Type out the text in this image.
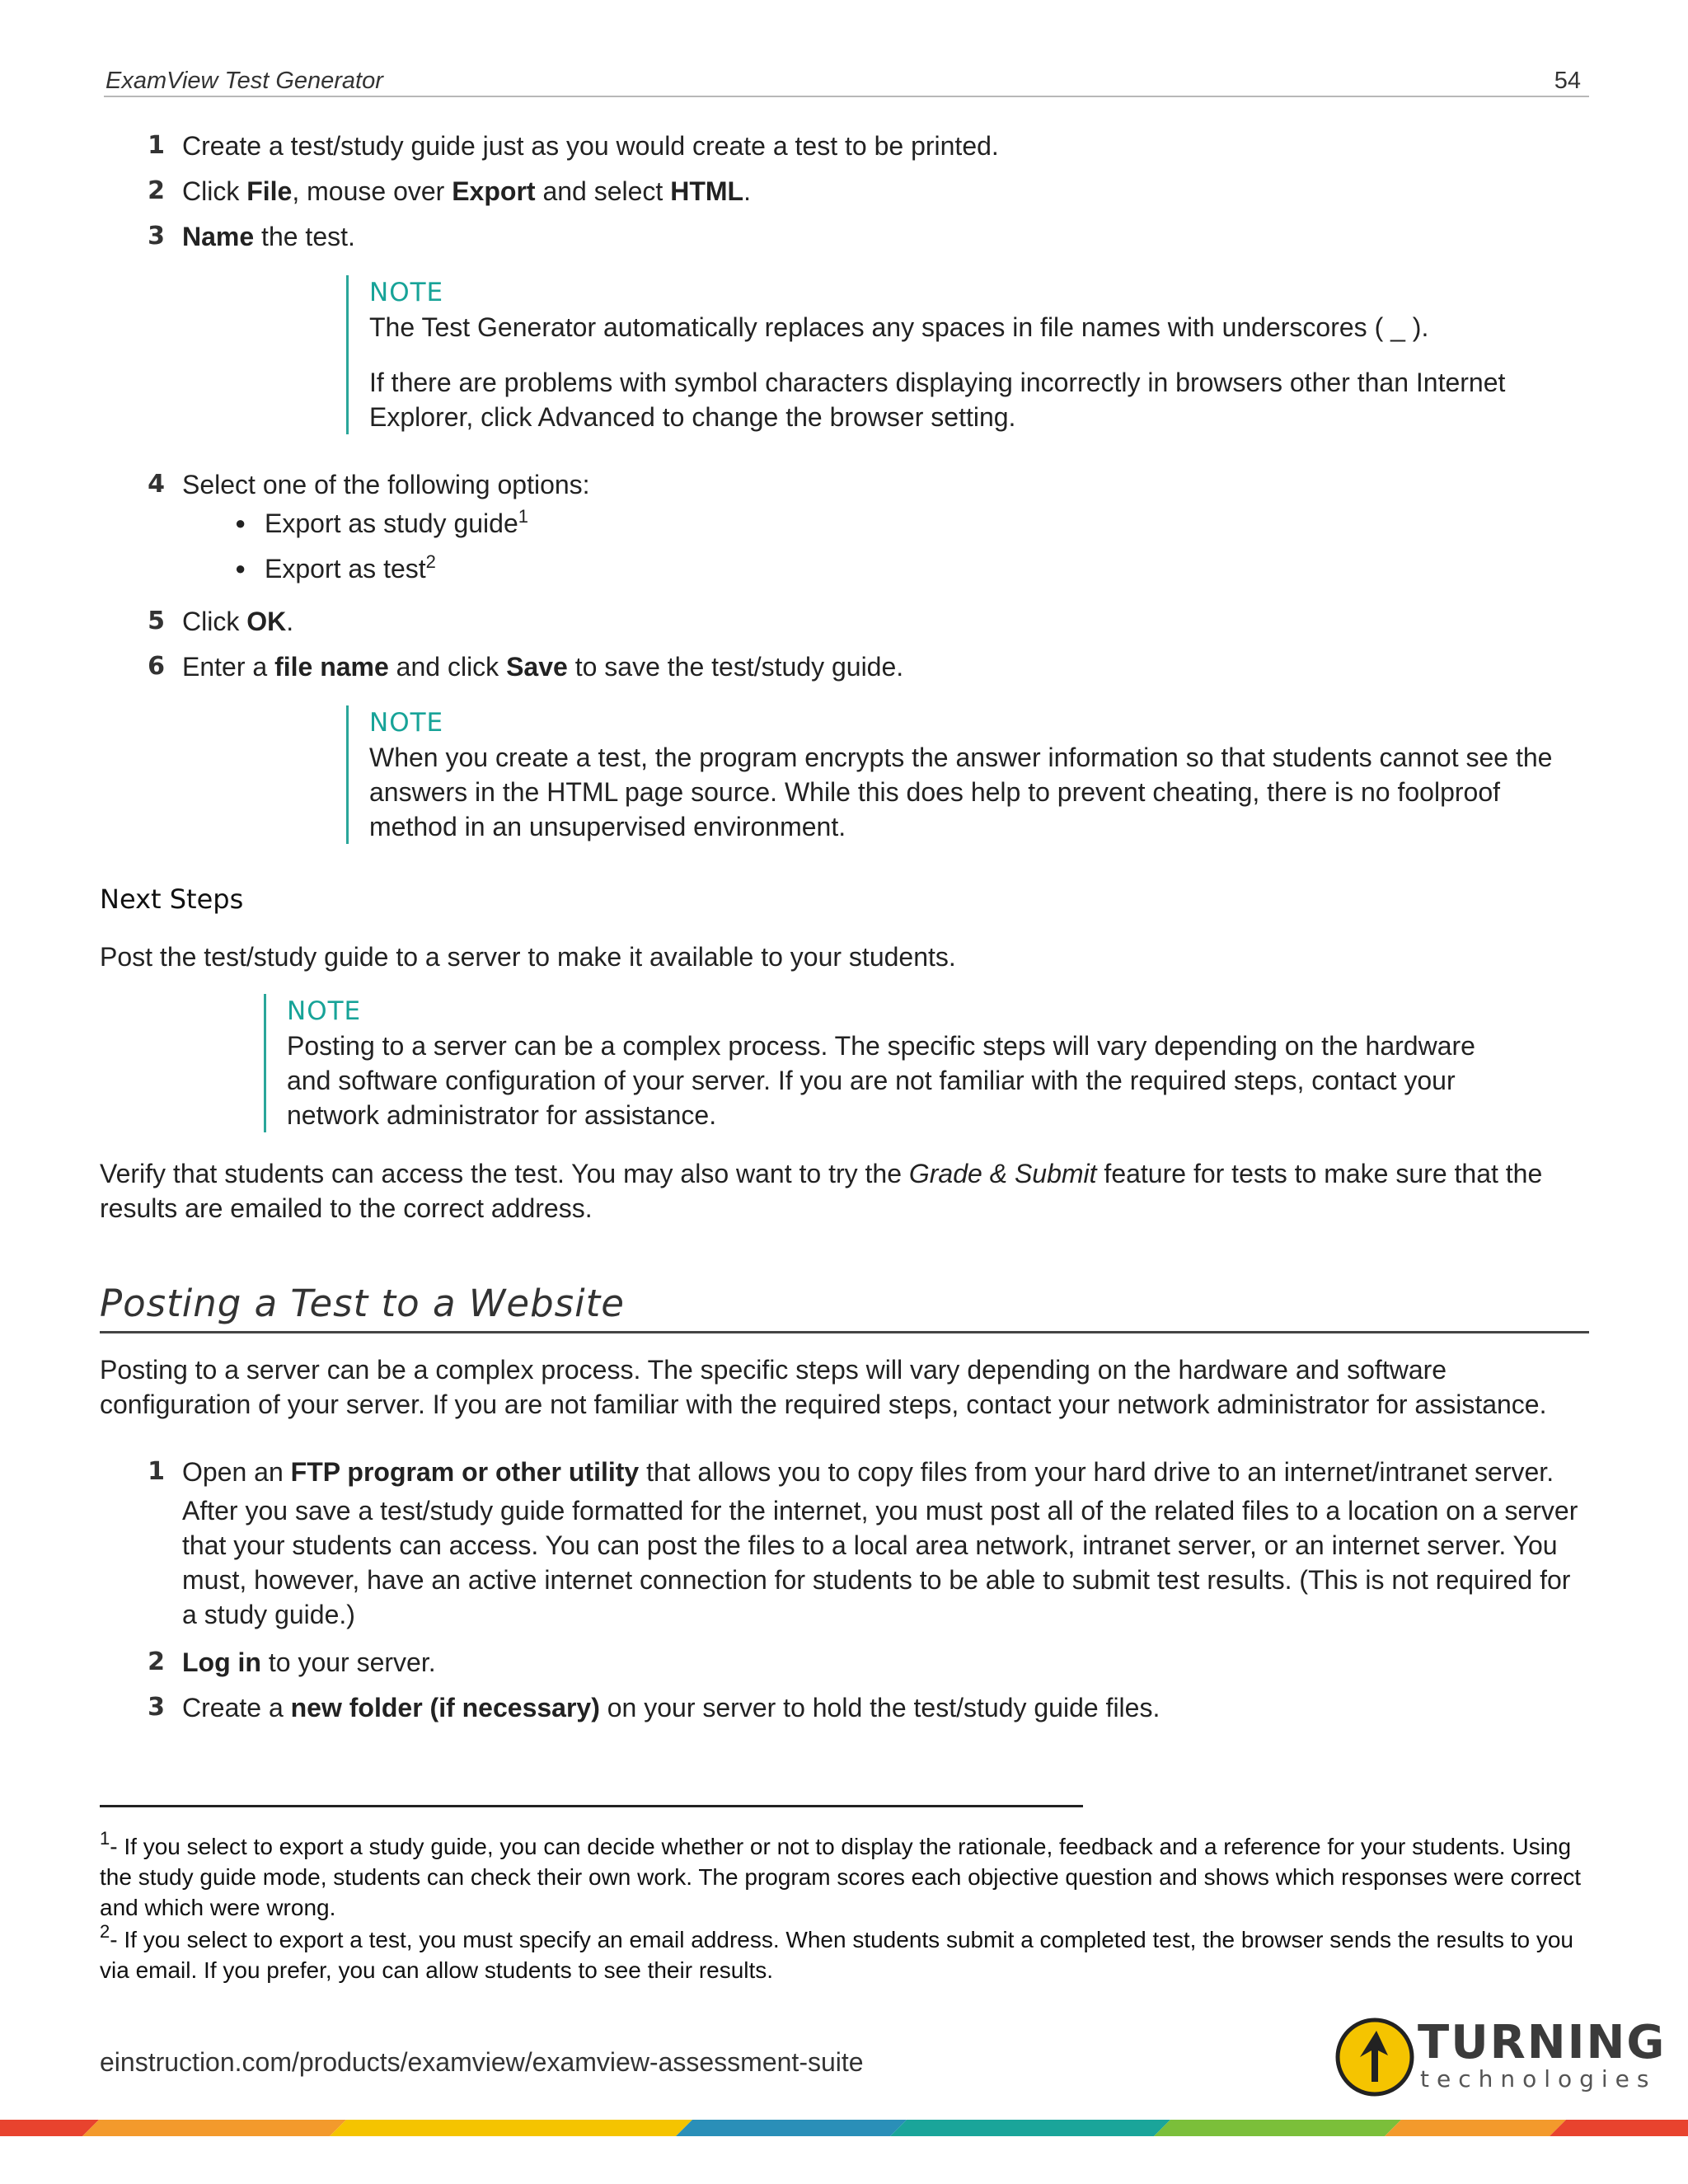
ExamView Test Generator	54
1 Create a test/study guide just as you would create a test to be printed.
2 Click File, mouse over Export and select HTML.
3 Name the test.
NOTE

The Test Generator automatically replaces any spaces in file names with underscores ( _ ).

If there are problems with symbol characters displaying incorrectly in browsers other than Internet Explorer, click Advanced to change the browser setting.

4 Select one of the following options:
● Export as study guide$^1$
● Export as test$^2$
5 Click OK.
6 Enter a file name and click Save to save the test/study guide.
NOTE

When you create a test, the program encrypts the answer information so that students cannot see the answers in the HTML page source. While this does help to prevent cheating, there is no foolproof method in an unsupervised environment.

Next Steps
Post the test/study guide to a server to make it available to your students.
NOTE

Posting to a server can be a complex process. The specific steps will vary depending on the hardware and software configuration of your server. If you are not familiar with the required steps, contact your network administrator for assistance.

Verify that students can access the test. You may also want to try the Grade & Submit feature for tests to make sure that the results are emailed to the correct address.
Posting a Test to a Website
Posting to a server can be a complex process. The specific steps will vary depending on the hardware and software configuration of your server. If you are not familiar with the required steps, contact your network administrator for assistance.
1 Open an FTP program or other utility that allows you to copy files from your hard drive to an internet/intranet server.
After you save a test/study guide formatted for the internet, you must post all of the related files to a location on a server that your students can access. You can post the files to a local area network, intranet server, or an internet server. You must, however, have an active internet connection for students to be able to submit test results. (This is not required for a study guide.)
2 Log in to your server.
3 Create a new folder (if necessary) on your server to hold the test/study guide files.
$^1$- If you select to export a study guide, you can decide whether or not to display the rationale, feedback and a reference for your students. Using the study guide mode, students can check their own work. The program scores each objective question and shows which responses were correct and which were wrong.
$^2$- If you select to export a test, you must specify an email address. When students submit a completed test, the browser sends the results to you via email. If you prefer, you can allow students to see their results.
einstruction.com/products/examview/examview-assessment-suite	TURNING
technologies
